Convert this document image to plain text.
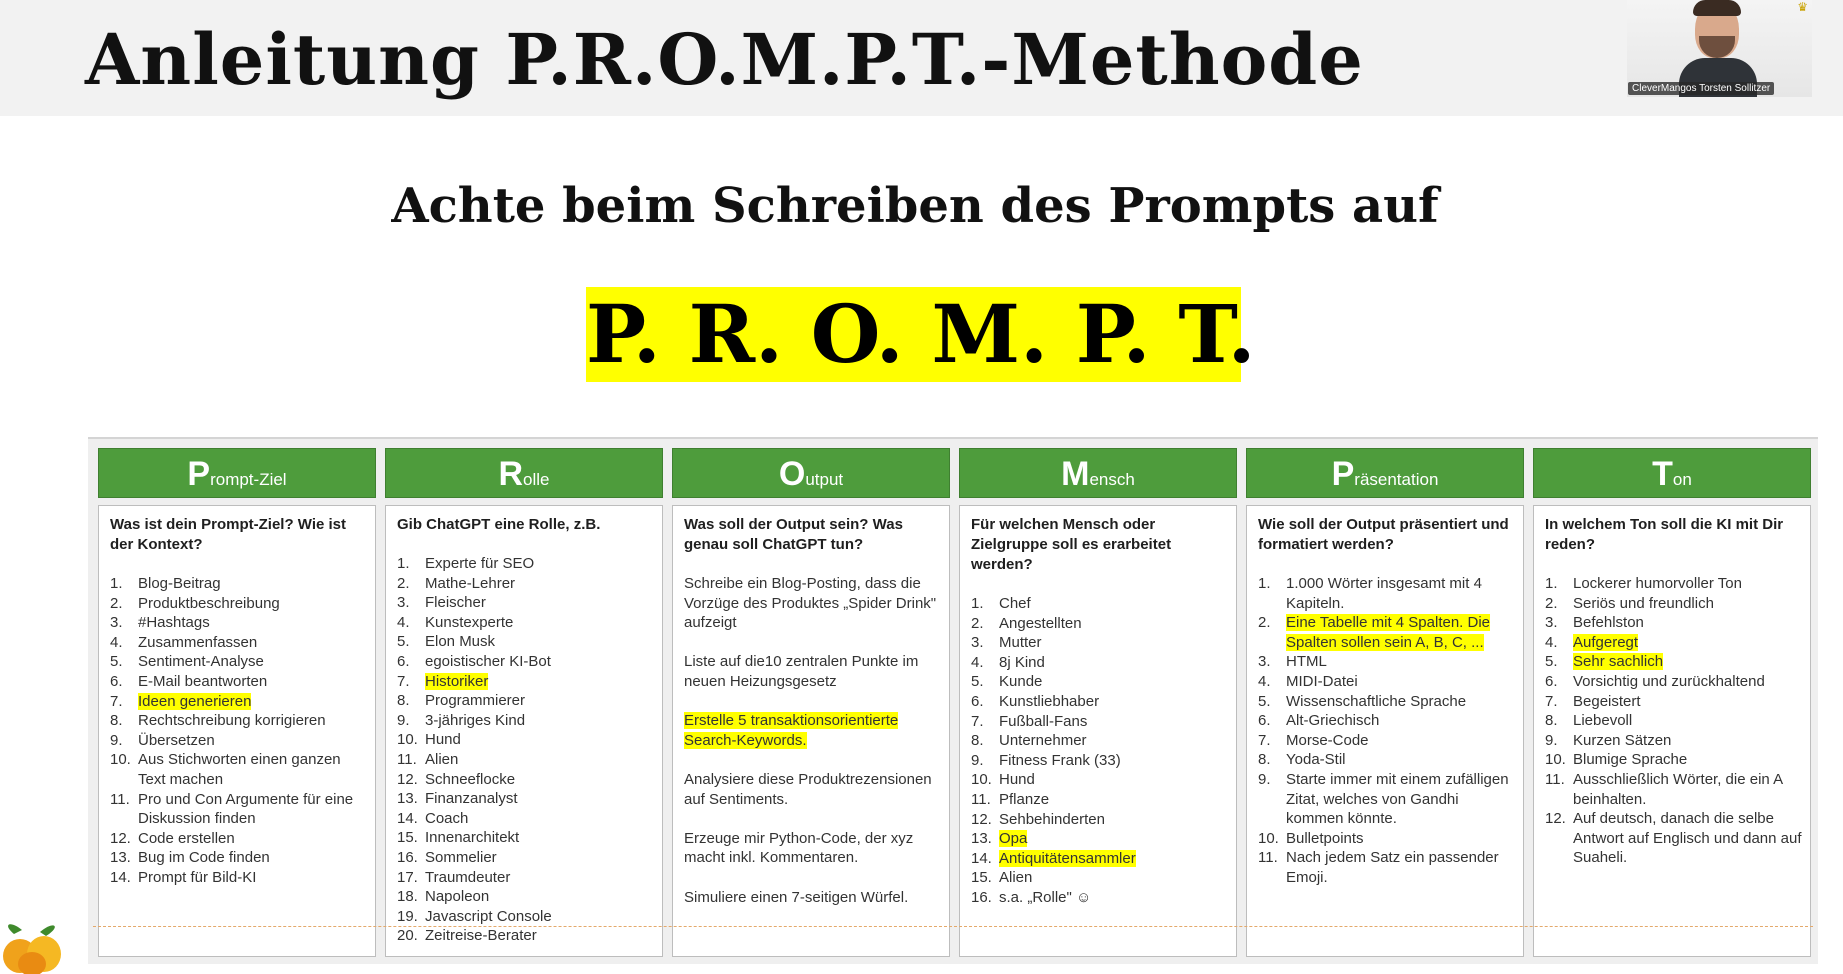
Anleitung P.R.O.M.P.T.-Methode
♛
CleverMangos Torsten Sollitzer
Achte beim Schreiben des Prompts auf
P. R. O. M. P. T.
Prompt-Ziel
Was ist dein Prompt-Ziel? Wie ist der Kontext?
1.	Blog-Beitrag
2.	Produktbeschreibung
3.	#Hashtags
4.	Zusammenfassen
5.	Sentiment-Analyse
6.	E-Mail beantworten
7.	Ideen generieren
8.	Rechtschreibung korrigieren
9.	Übersetzen
10. Aus Stichworten einen ganzen Text machen
11. Pro und Con Argumente für eine Diskussion finden
12. Code erstellen
13. Bug im Code finden
14. Prompt für Bild-KI
Rolle
Gib ChatGPT eine Rolle, z.B.
1.	Experte für SEO
2.	Mathe-Lehrer
3.	Fleischer
4.	Kunstexperte
5.	Elon Musk
6.	egoistischer KI-Bot
7.	Historiker
8.	Programmierer
9.	3-jähriges Kind
10. Hund
11. Alien
12. Schneeflocke
13. Finanzanalyst
14. Coach
15. Innenarchitekt
16. Sommelier
17. Traumdeuter
18. Napoleon
19. Javascript Console
20. Zeitreise-Berater
Output
Was soll der Output sein? Was genau soll ChatGPT tun?
Schreibe ein Blog-Posting, dass die Vorzüge des Produktes „Spider Drink" aufzeigt
Liste auf die10 zentralen Punkte im neuen Heizungsgesetz
Erstelle 5 transaktionsorientierte Search-Keywords.
Analysiere diese Produktrezensionen auf Sentiments.
Erzeuge mir Python-Code, der xyz macht inkl. Kommentaren.
Simuliere einen 7-seitigen Würfel.
Mensch
Für welchen Mensch oder Zielgruppe soll es erarbeitet werden?
1.	Chef
2.	Angestellten
3.	Mutter
4.	8j Kind
5.	Kunde
6.	Kunstliebhaber
7.	Fußball-Fans
8.	Unternehmer
9.	Fitness Frank (33)
10. Hund
11. Pflanze
12. Sehbehinderten
13. Opa
14. Antiquitätensammler
15. Alien
16. s.a. „Rolle" ☺
Präsentation
Wie soll der Output präsentiert und formatiert werden?
1.	1.000 Wörter insgesamt mit 4 Kapiteln.
2.	Eine Tabelle mit 4 Spalten. Die Spalten sollen sein A, B, C, ...
3.	HTML
4.	MIDI-Datei
5.	Wissenschaftliche Sprache
6.	Alt-Griechisch
7.	Morse-Code
8.	Yoda-Stil
9.	Starte immer mit einem zufälligen Zitat, welches von Gandhi kommen könnte.
10. Bulletpoints
11. Nach jedem Satz ein passender Emoji.
Ton
In welchem Ton soll die KI mit Dir reden?
1.	Lockerer humorvoller Ton
2.	Seriös und freundlich
3.	Befehlston
4.	Aufgeregt
5.	Sehr sachlich
6.	Vorsichtig und zurückhaltend
7.	Begeistert
8.	Liebevoll
9.	Kurzen Sätzen
10. Blumige Sprache
11. Ausschließlich Wörter, die ein A beinhalten.
12. Auf deutsch, danach die selbe Antwort auf Englisch und dann auf Suaheli.
